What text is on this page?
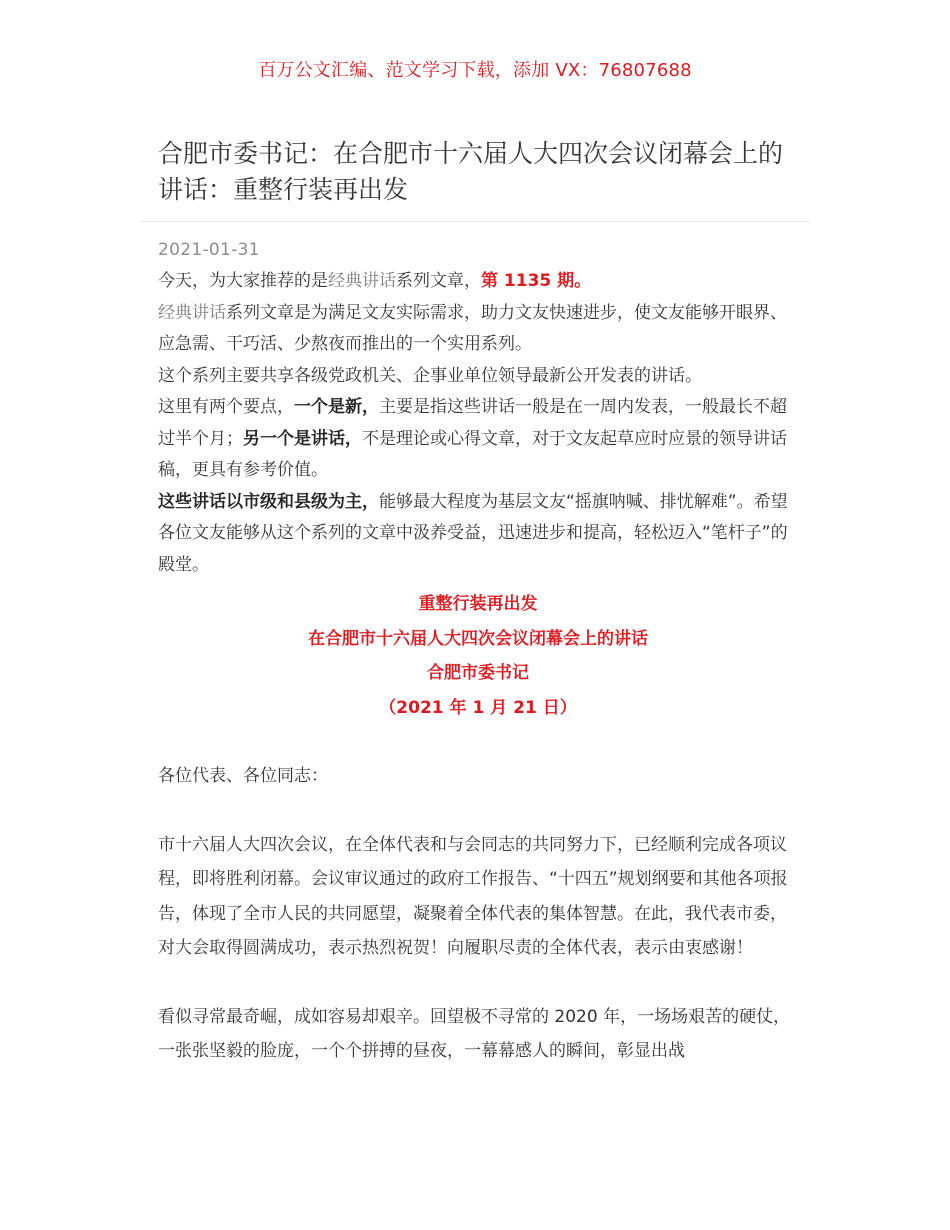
百万公文汇编、范文学习下载，添加 VX：76807688
合肥市委书记：在合肥市十六届人大四次会议闭幕会上的讲话：重整行装再出发
2021-01-31

今天，为大家推荐的是经典讲话系列文章，第 1135 期。

经典讲话系列文章是为满足文友实际需求，助力文友快速进步，使文友能够开眼界、应急需、干巧活、少熬夜而推出的一个实用系列。

这个系列主要共享各级党政机关、企事业单位领导最新公开发表的讲话。

这里有两个要点，一个是新，主要是指这些讲话一般是在一周内发表，一般最长不超过半个月；另一个是讲话，不是理论或心得文章，对于文友起草应时应景的领导讲话稿，更具有参考价值。

这些讲话以市级和县级为主，能够最大程度为基层文友“摇旗呐喊、排忧解难”。希望各位文友能够从这个系列的文章中汲养受益，迅速进步和提高，轻松迈入“笔杆子”的殿堂。

重整行装再出发
在合肥市十六届人大四次会议闭幕会上的讲话
合肥市委书记
（2021 年 1 月 21 日）

各位代表、各位同志：

市十六届人大四次会议，在全体代表和与会同志的共同努力下，已经顺利完成各项议程，即将胜利闭幕。会议审议通过的政府工作报告、“十四五”规划纲要和其他各项报告，体现了全市人民的共同愿望，凝聚着全体代表的集体智慧。在此，我代表市委，对大会取得圆满成功，表示热烈祝贺！向履职尽责的全体代表，表示由衷感谢！

看似寻常最奇崛，成如容易却艰辛。回望极不寻常的 2020 年，一场场艰苦的硬仗，一张张坚毅的脸庞，一个个拼搏的昼夜，一幕幕感人的瞬间，彰显出战
